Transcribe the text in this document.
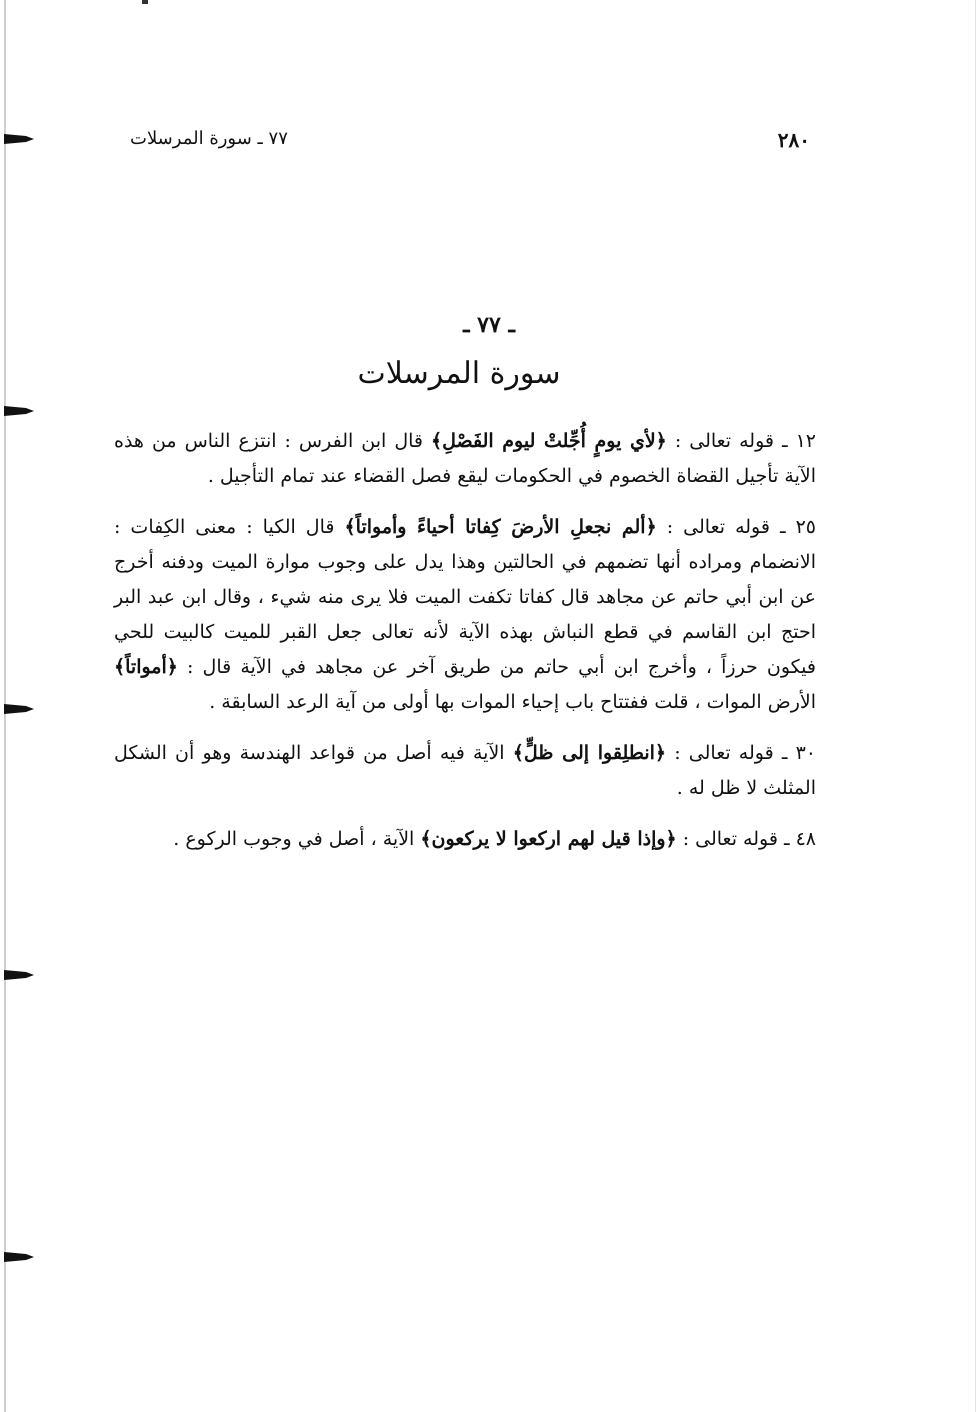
٢٨٠
٧٧ ـ سورة المرسلات
ـ ٧٧ ـ
سورة المرسلات

١٢ ـ قوله تعالى : ﴿لأي يومٍ أُجِّلتْ ليوم الفَصْلِ﴾ قال ابن الفرس : انتزع الناس من هذه الآية تأجيل القضاة الخصوم في الحكومات ليقع فصل القضاء عند تمام التأجيل .

٢٥ ـ قوله تعالى : ﴿ألم نجعلِ الأرضَ كِفاتا أحياءً وأمواتاً﴾ قال الكيا : معنى الكِفات : الانضمام ومراده أنها تضمهم في الحالتين وهذا يدل على وجوب موارة الميت ودفنه أخرج عن ابن أبي حاتم عن مجاهد قال كفاتا تكفت الميت فلا يرى منه شيء ، وقال ابن عبد البر احتج ابن القاسم في قطع النباش بهذه الآية لأنه تعالى جعل القبر للميت كالبيت للحي فيكون حرزاً ، وأخرج ابن أبي حاتم من طريق آخر عن مجاهد في الآية قال : ﴿أمواتاً﴾ الأرض الموات ، قلت ففتتاح باب إحياء الموات بها أولى من آية الرعد السابقة .

٣٠ ـ قوله تعالى : ﴿انطلِقوا إلى ظلٍّ﴾ الآية فيه أصل من قواعد الهندسة وهو أن الشكل المثلث لا ظل له .

٤٨ ـ قوله تعالى : ﴿وإذا قيل لهم اركعوا لا يركعون﴾ الآية ، أصل في وجوب الركوع .
